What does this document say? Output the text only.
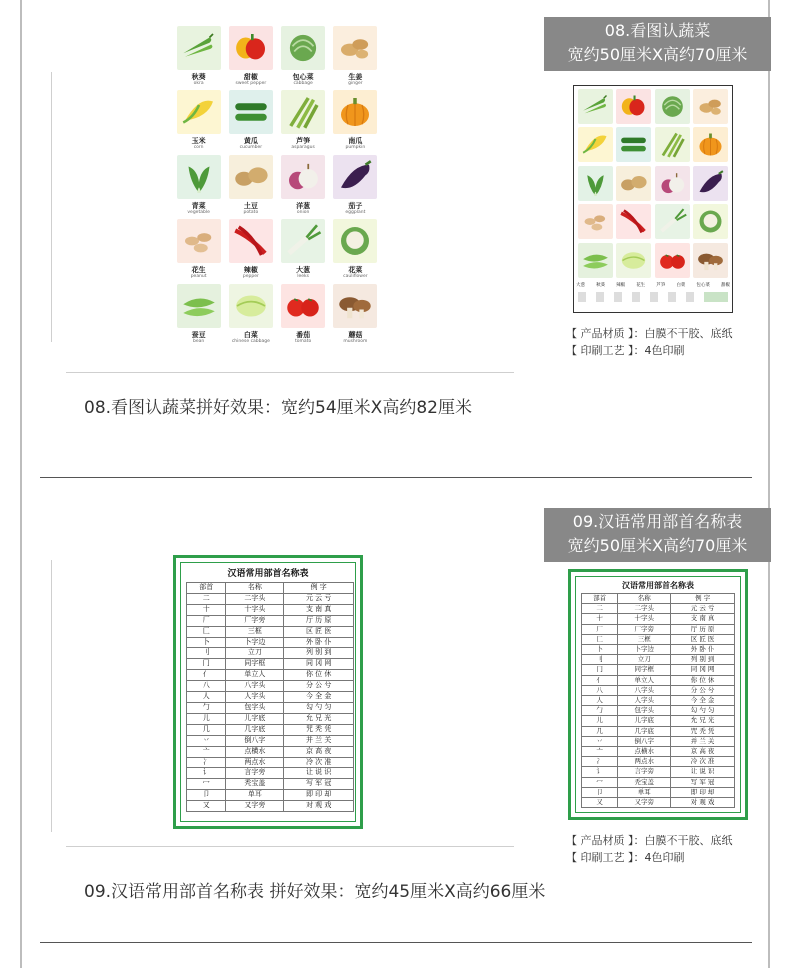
秋葵
okra
甜椒
sweet pepper
包心菜
cabbage
生姜
ginger
玉米
corn
黄瓜
cucumber
芦笋
asparagus
南瓜
pumpkin
青菜
vegetable
土豆
potato
洋葱
onion
茄子
eggplant
花生
peanut
辣椒
pepper
大葱
leeks
花菜
cauliflower
蚕豆
bean
白菜
chinese cabbage
番茄
tomato
蘑菇
mushroom
08.看图认蔬菜
宽约50厘米X高约70厘米
大葱 秋葵 辣椒 花生 芦笋 白菜 包心菜 甜椒
【 产品材质 】：白膜不干胶、底纸
【 印刷工艺 】：4色印刷
08.看图认蔬菜拼好效果：宽约54厘米X高约82厘米
汉语常用部首名称表
部首	名称	例 字
二	二字头	元 云 亏
十	十字头	支 南 真
厂	厂字旁	厅 历 原
匚	三框	区 匠 医
卜	卜字边	外 卧 仆
刂	立刀	列 别 到
冂	同字框	同 冈 网
亻	单立人	你 位 休
八	八字头	分 公 兮
人	人字头	今 全 金
勹	包字头	勾 勺 匀
儿	儿字底	允 兄 光
几	几字底	咒 秃 凭
丷	倒八字	并 兰 关
亠	点横水	京 高 夜
冫	两点水	冷 次 准
讠	言字旁	让 说 识
冖	秃宝盖	写 军 冠
卩	单耳	即 印 却
又	又字旁	对 观 戏
09.汉语常用部首名称表
宽约50厘米X高约70厘米
汉语常用部首名称表
部首	名称	例 字
二	二字头	元 云 亏
十	十字头	支 南 真
厂	厂字旁	厅 历 原
匚	三框	区 匠 医
卜	卜字边	外 卧 仆
刂	立刀	列 别 到
冂	同字框	同 冈 网
亻	单立人	你 位 休
八	八字头	分 公 兮
人	人字头	今 全 金
勹	包字头	勾 勺 匀
儿	儿字底	允 兄 光
几	几字底	咒 秃 凭
丷	倒八字	并 兰 关
亠	点横水	京 高 夜
冫	两点水	冷 次 准
讠	言字旁	让 说 识
冖	秃宝盖	写 军 冠
卩	单耳	即 印 却
又	又字旁	对 观 戏
【 产品材质 】：白膜不干胶、底纸
【 印刷工艺 】：4色印刷
09.汉语常用部首名称表 拼好效果：宽约45厘米X高约66厘米
